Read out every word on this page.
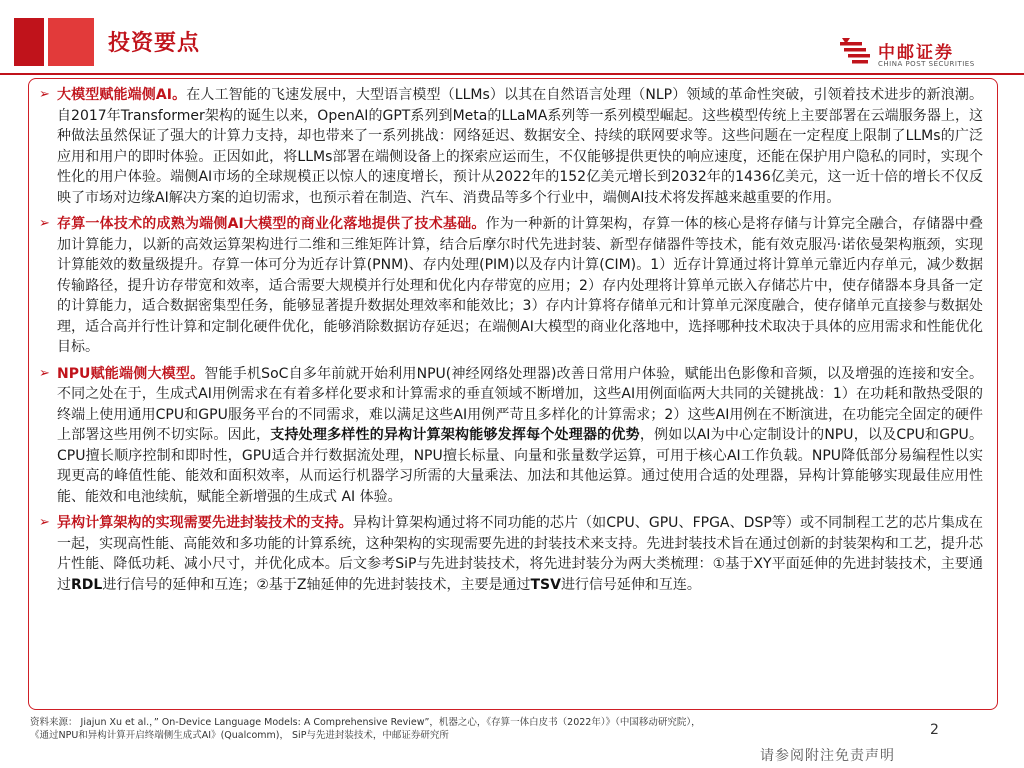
投资要点	中邮证券
CHINA POST SECURITIES
➢ 大模型赋能端侧AI。在人工智能的飞速发展中，大型语言模型（LLMs）以其在自然语言处理（NLP）领域的革命性突破，引领着技术进步的新浪潮。自2017年Transformer架构的诞生以来，OpenAI的GPT系列到Meta的LLaMA系列等一系列模型崛起。这些模型传统上主要部署在云端服务器上，这种做法虽然保证了强大的计算力支持，却也带来了一系列挑战：网络延迟、数据安全、持续的联网要求等。这些问题在一定程度上限制了LLMs的广泛应用和用户的即时体验。正因如此，将LLMs部署在端侧设备上的探索应运而生，不仅能够提供更快的响应速度，还能在保护用户隐私的同时，实现个性化的用户体验。端侧AI市场的全球规模正以惊人的速度增长，预计从2022年的152亿美元增长到2032年的1436亿美元，这一近十倍的增长不仅反映了市场对边缘AI解决方案的迫切需求，也预示着在制造、汽车、消费品等多个行业中，端侧AI技术将发挥越来越重要的作用。
➢ 存算一体技术的成熟为端侧AI大模型的商业化落地提供了技术基础。作为一种新的计算架构，存算一体的核心是将存储与计算完全融合，存储器中叠加计算能力，以新的高效运算架构进行二维和三维矩阵计算，结合后摩尔时代先进封装、新型存储器件等技术，能有效克服冯·诺依曼架构瓶颈，实现计算能效的数量级提升。存算一体可分为近存计算(PNM)、存内处理(PIM)以及存内计算(CIM)。1）近存计算通过将计算单元靠近内存单元，减少数据传输路径，提升访存带宽和效率，适合需要大规模并行处理和优化内存带宽的应用；2）存内处理将计算单元嵌入存储芯片中，使存储器本身具备一定的计算能力，适合数据密集型任务，能够显著提升数据处理效率和能效比；3）存内计算将存储单元和计算单元深度融合，使存储单元直接参与数据处理，适合高并行性计算和定制化硬件优化，能够消除数据访存延迟；在端侧AI大模型的商业化落地中，选择哪种技术取决于具体的应用需求和性能优化目标。
➢ NPU赋能端侧大模型。智能手机SoC自多年前就开始利用NPU(神经网络处理器)改善日常用户体验，赋能出色影像和音频，以及增强的连接和安全。不同之处在于，生成式AI用例需求在有着多样化要求和计算需求的垂直领域不断增加，这些AI用例面临两大共同的关键挑战：1）在功耗和散热受限的终端上使用通用CPU和GPU服务平台的不同需求，难以满足这些AI用例严苛且多样化的计算需求；2）这些AI用例在不断演进，在功能完全固定的硬件上部署这些用例不切实际。因此，支持处理多样性的异构计算架构能够发挥每个处理器的优势，例如以AI为中心定制设计的NPU，以及CPU和GPU。CPU擅长顺序控制和即时性，GPU适合并行数据流处理，NPU擅长标量、向量和张量数学运算，可用于核心AI工作负载。NPU降低部分易编程性以实现更高的峰值性能、能效和面积效率，从而运行机器学习所需的大量乘法、加法和其他运算。通过使用合适的处理器，异构计算能够实现最佳应用性能、能效和电池续航，赋能全新增强的生成式 AI 体验。
➢ 异构计算架构的实现需要先进封装技术的支持。异构计算架构通过将不同功能的芯片（如CPU、GPU、FPGA、DSP等）或不同制程工艺的芯片集成在一起，实现高性能、高能效和多功能的计算系统，这种架构的实现需要先进的封装技术来支持。先进封装技术旨在通过创新的封装架构和工艺，提升芯片性能、降低功耗、减小尺寸，并优化成本。后文参考SiP与先进封装技术，将先进封装分为两大类梳理：①基于XY平面延伸的先进封装技术，主要通过RDL进行信号的延伸和互连；②基于Z轴延伸的先进封装技术，主要是通过TSV进行信号延伸和互连。
资料来源： Jiajun Xu et al.，” On-Device Language Models: A Comprehensive Review”，机器之心，《存算一体白皮书（2022年）》（中国移动研究院），
《通过NPU和异构计算开启终端侧生成式AI》(Qualcomm)， SiP与先进封装技术，中邮证券研究所	2
请参阅附注免责声明
